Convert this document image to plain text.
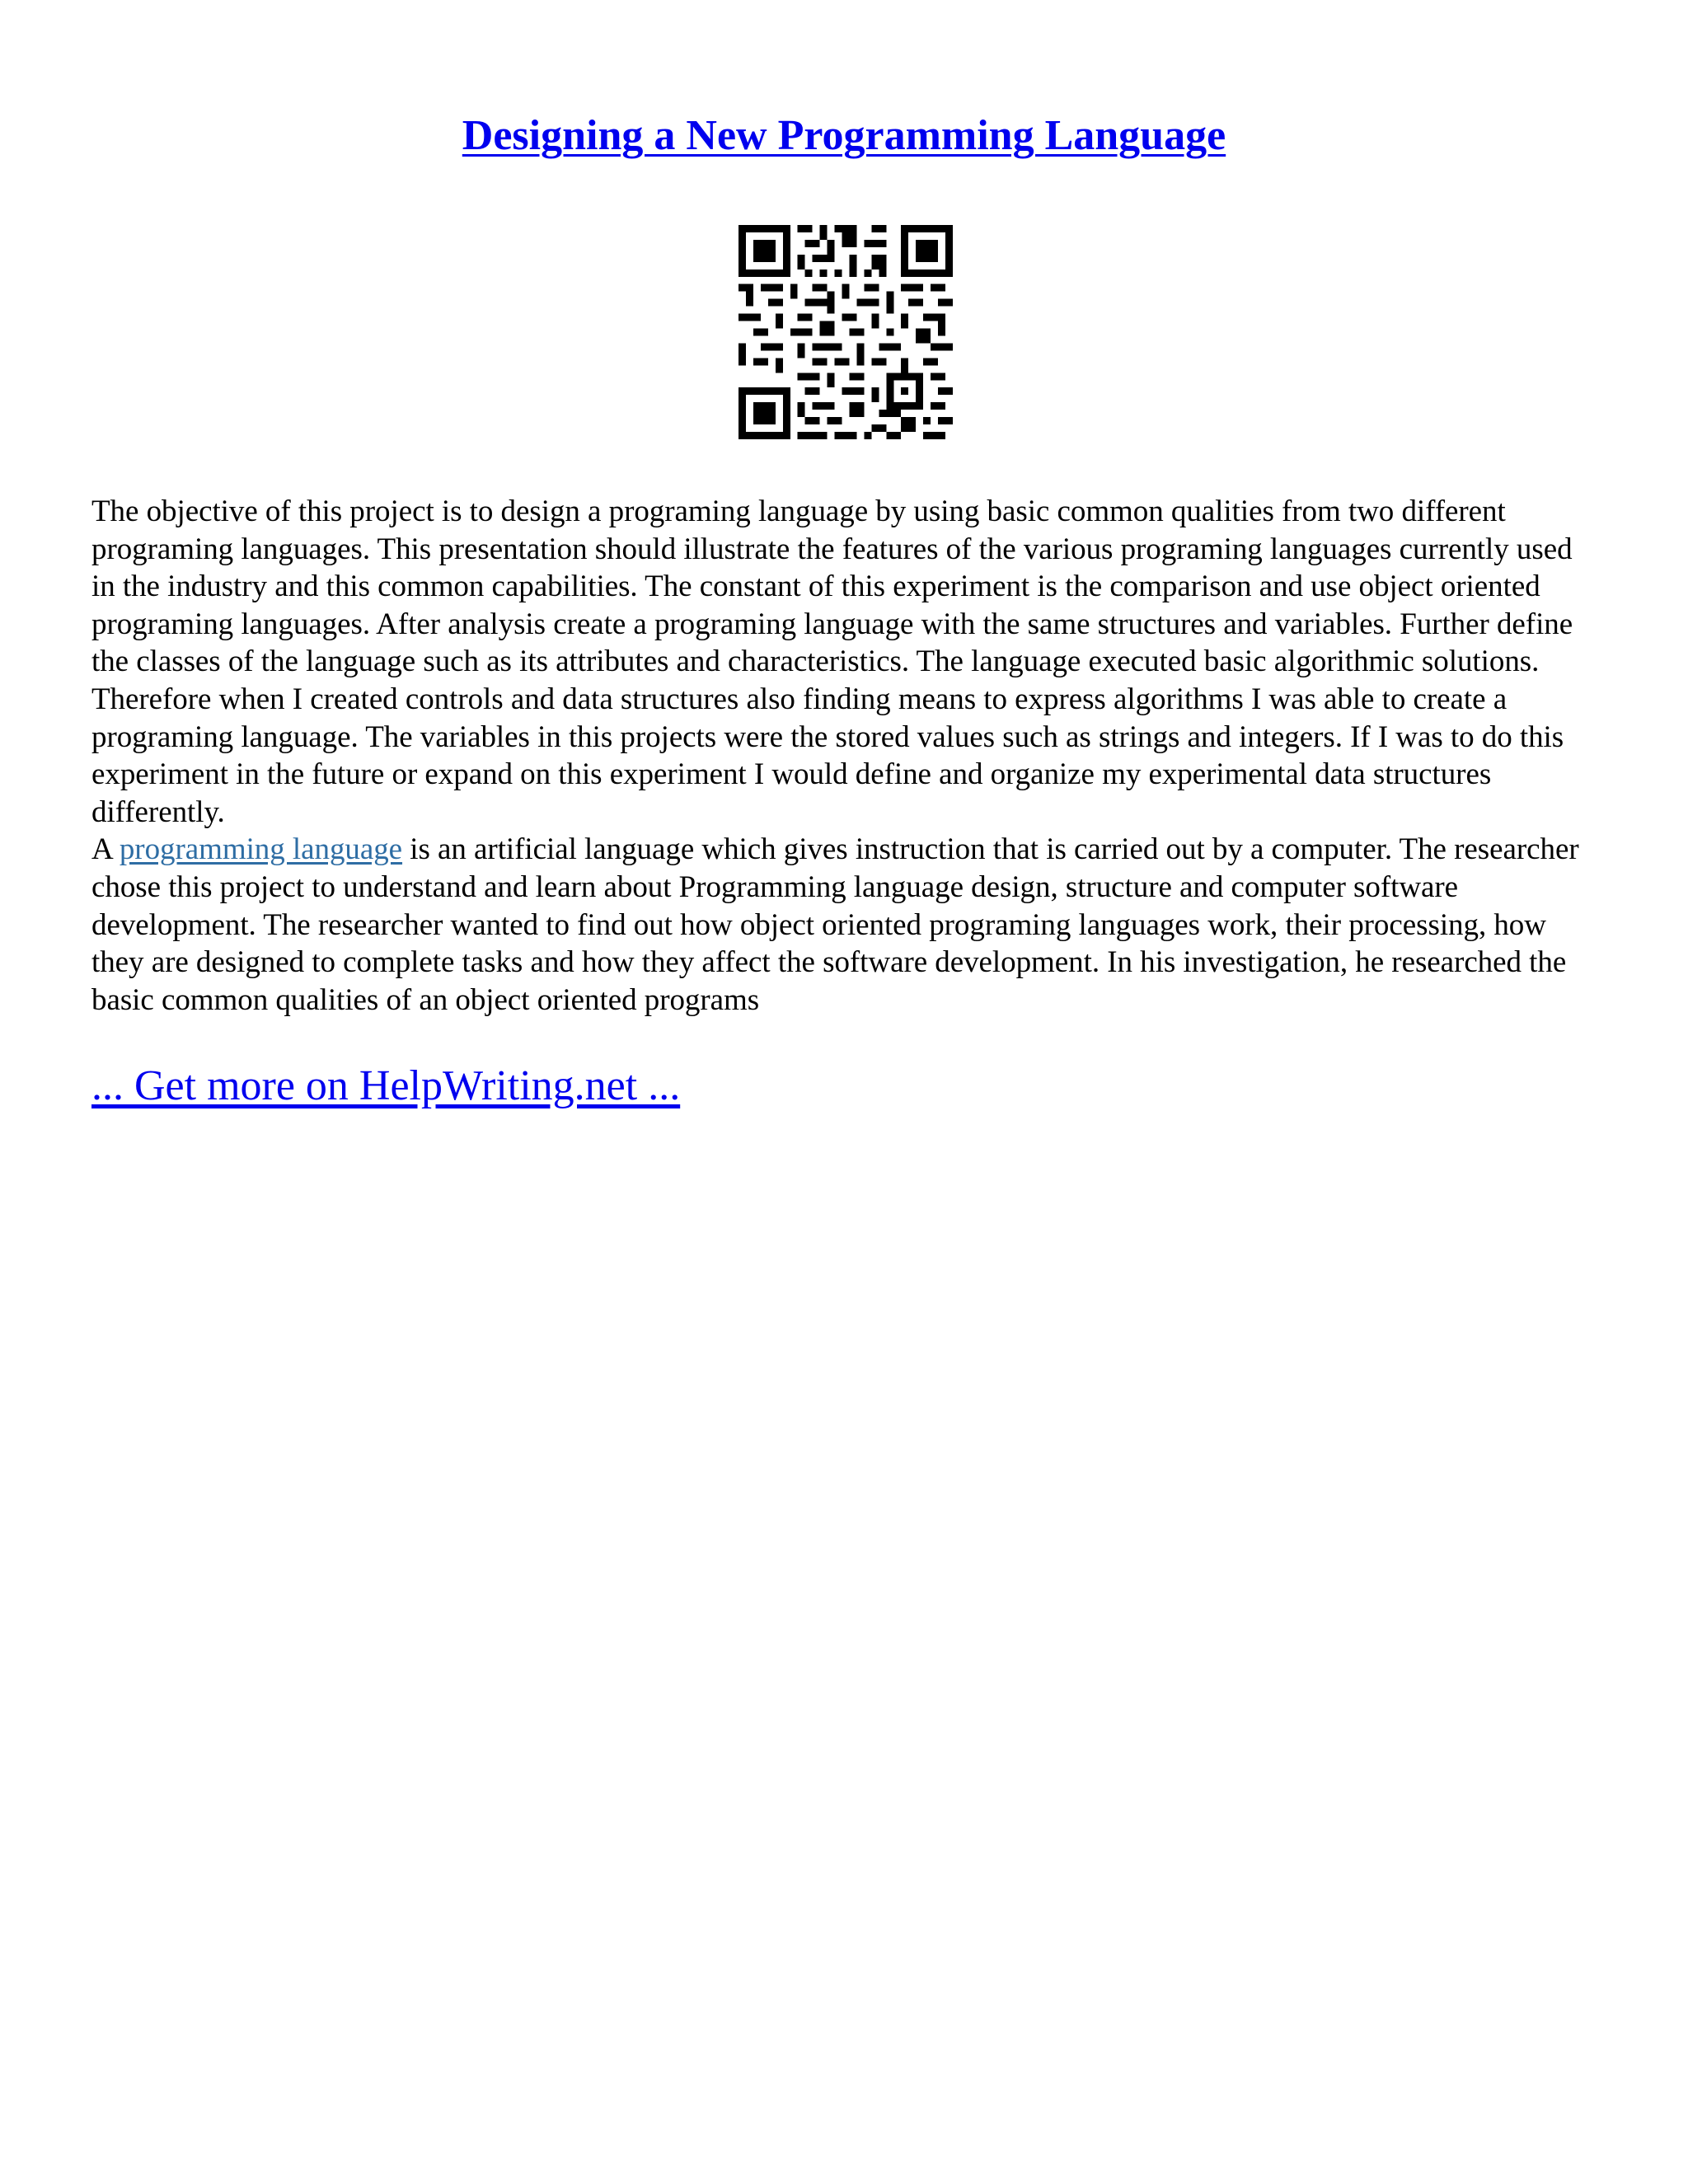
Designing a New Programming Language

The objective of this project is to design a programing language by using basic common qualities from two different programing languages. This presentation should illustrate the features of the various programing languages currently used in the industry and this common capabilities. The constant of this experiment is the comparison and use object oriented programing languages. After analysis create a programing language with the same structures and variables. Further define the classes of the language such as its attributes and characteristics. The language executed basic algorithmic solutions. Therefore when I created controls and data structures also finding means to express algorithms I was able to create a programing language. The variables in this projects were the stored values such as strings and integers. If I was to do this experiment in the future or expand on this experiment I would define and organize my experimental data structures differently.

A programming language is an artificial language which gives instruction that is carried out by a computer. The researcher chose this project to understand and learn about Programming language design, structure and computer software development. The researcher wanted to find out how object oriented programing languages work, their processing, how they are designed to complete tasks and how they affect the software development. In his investigation, he researched the basic common qualities of an object oriented programs

... Get more on HelpWriting.net ...
